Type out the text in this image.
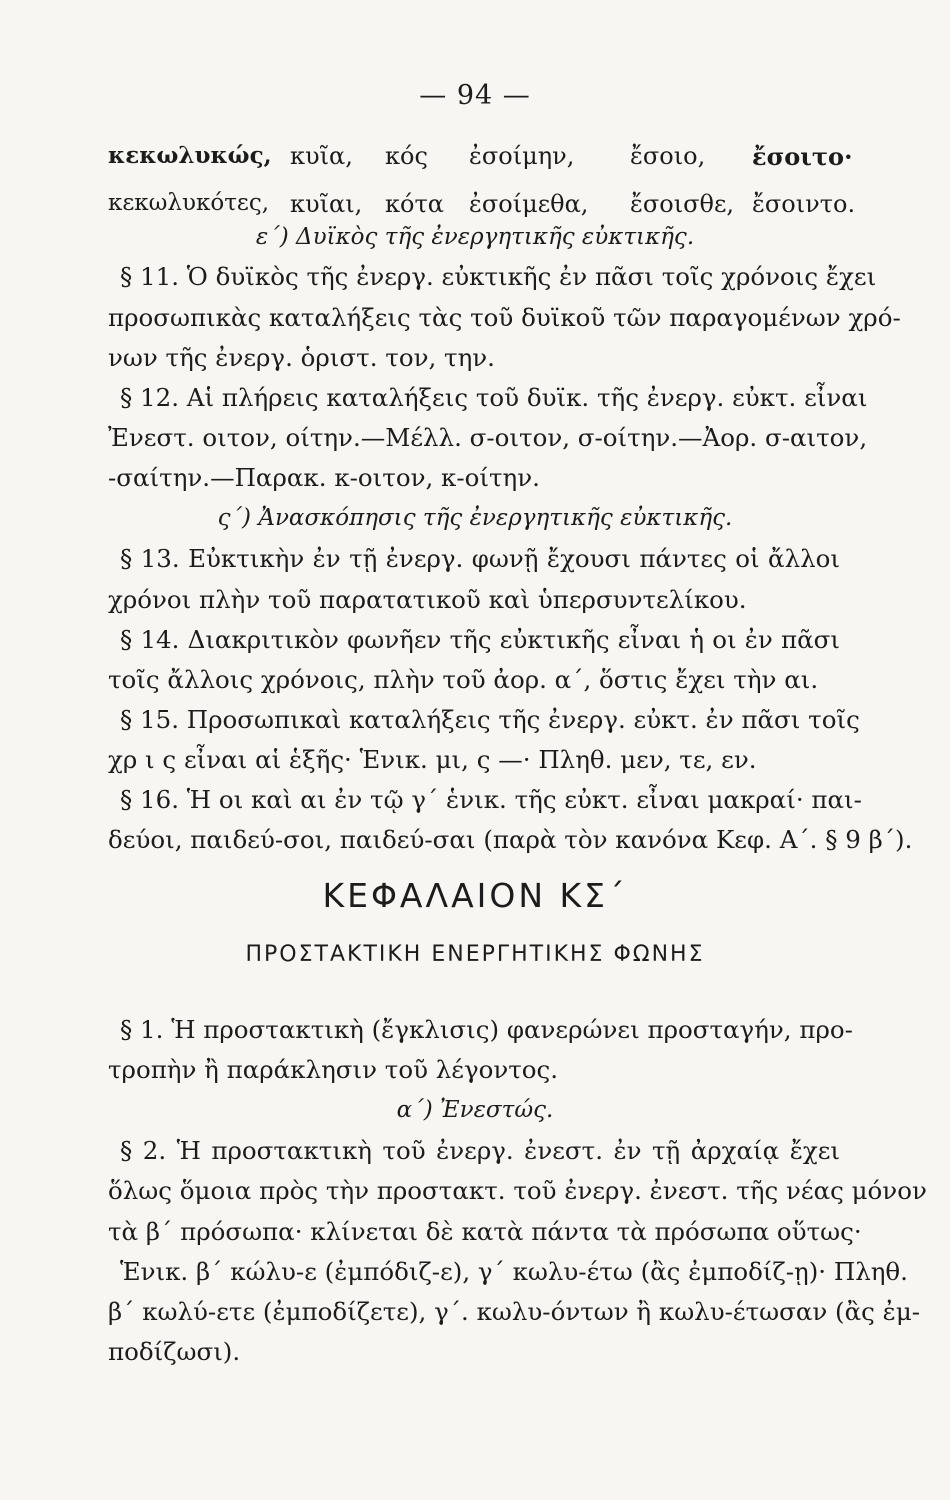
— 94 —
κεκωλυκώς, κυῖα, κός ἐσοίμην, ἔσοιο, ἔσοιτο·
κεκωλυκότες, κυῖαι, κότα ἐσοίμεθα, ἔσοισθε, ἔσοιντο.
ε΄) Δυϊκὸς τῆς ἐνεργητικῆς εὐκτικῆς.
§ 11. Ὁ δυϊκὸς τῆς ἐνεργ. εὐκτικῆς ἐν πᾶσι τοῖς χρόνοις ἔχει
προσωπικὰς καταλήξεις τὰς τοῦ δυϊκοῦ τῶν παραγομένων χρό-
νων τῆς ἐνεργ. ὁριστ. τον, την.
§ 12. Αἱ πλήρεις καταλήξεις τοῦ δυϊκ. τῆς ἐνεργ. εὐκτ. εἶναι
Ἐνεστ. οιτον, οίτην.—Μέλλ. σ-οιτον, σ-οίτην.—Ἀορ. σ-αιτον,
-σαίτην.—Παρακ. κ-οιτον, κ-οίτην.
ς΄) Ἀνασκόπησις τῆς ἐνεργητικῆς εὐκτικῆς.
§ 13. Εὐκτικὴν ἐν τῇ ἐνεργ. φωνῇ ἔχουσι πάντες οἱ ἄλλοι
χρόνοι πλὴν τοῦ παρατατικοῦ καὶ ὑπερσυντελίκου.
§ 14. Διακριτικὸν φωνῆεν τῆς εὐκτικῆς εἶναι ἡ οι ἐν πᾶσι
τοῖς ἄλλοις χρόνοις, πλὴν τοῦ ἀορ. α΄, ὅστις ἔχει τὴν αι.
§ 15. Προσωπικαὶ καταλήξεις τῆς ἐνεργ. εὐκτ. ἐν πᾶσι τοῖς
χρ ι ς εἶναι αἱ ἑξῆς· Ἑνικ. μι, ς —· Πληθ. μεν, τε, εν.
§ 16. Ἡ οι καὶ αι ἐν τῷ γ΄ ἑνικ. τῆς εὐκτ. εἶναι μακραί· παι-
δεύοι, παιδεύ-σοι, παιδεύ-σαι (παρὰ τὸν κανόνα Κεφ. Α΄. § 9 β΄).
ΚΕΦΑΛΑΙΟΝ ΚΣ΄
ΠΡΟΣΤΑΚΤΙΚΗ ΕΝΕΡΓΗΤΙΚΗΣ ΦΩΝΗΣ
§ 1. Ἡ προστακτικὴ (ἔγκλισις) φανερώνει προσταγήν, προ-
τροπὴν ἢ παράκλησιν τοῦ λέγοντος.
α΄) Ἐνεστώς.
§ 2. Ἡ προστακτικὴ τοῦ ἐνεργ. ἐνεστ. ἐν τῇ ἀρχαίᾳ ἔχει
ὅλως ὅμοια πρὸς τὴν προστακτ. τοῦ ἐνεργ. ἐνεστ. τῆς νέας μόνον
τὰ β΄ πρόσωπα· κλίνεται δὲ κατὰ πάντα τὰ πρόσωπα οὕτως·
Ἑνικ. β΄ κώλυ-ε (ἐμπόδιζ-ε), γ΄ κωλυ-έτω (ἂς ἐμποδίζ-ῃ)· Πληθ.
β΄ κωλύ-ετε (ἐμποδίζετε), γ΄. κωλυ-όντων ἢ κωλυ-έτωσαν (ἂς ἐμ-
ποδίζωσι).
